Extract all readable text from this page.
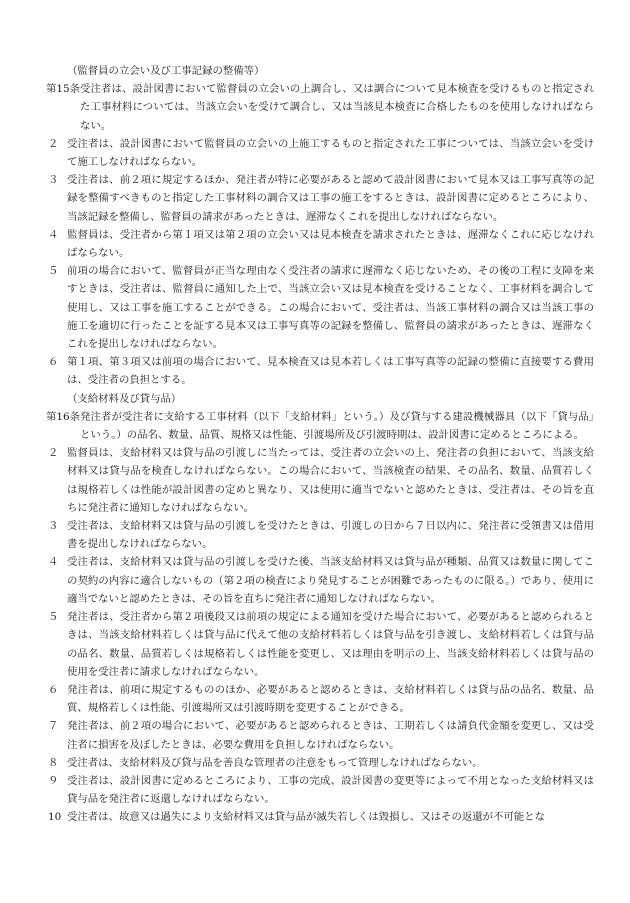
（監督員の立会い及び工事記録の整備等）
第15条 受注者は、設計図書において監督員の立会いの上調合し、又は調合について見本検査を受けるものと指定された工事材料については、当該立会いを受けて調合し、又は当該見本検査に合格したものを使用しなければならない。
２ 受注者は、設計図書において監督員の立会いの上施工するものと指定された工事については、当該立会いを受けて施工しなければならない。
３ 受注者は、前２項に規定するほか、発注者が特に必要があると認めて設計図書において見本又は工事写真等の記録を整備すべきものと指定した工事材料の調合又は工事の施工をするときは、設計図書に定めるところにより、当該記録を整備し、監督員の請求があったときは、遅滞なくこれを提出しなければならない。
４ 監督員は、受注者から第１項又は第２項の立会い又は見本検査を請求されたときは、遅滞なくこれに応じなければならない。
５ 前項の場合において、監督員が正当な理由なく受注者の請求に遅滞なく応じないため、その後の工程に支障を来すときは、受注者は、監督員に通知した上で、当該立会い又は見本検査を受けることなく、工事材料を調合して使用し、又は工事を施工することができる。この場合において、受注者は、当該工事材料の調合又は当該工事の施工を適切に行ったことを証する見本又は工事写真等の記録を整備し、監督員の請求があったときは、遅滞なくこれを提出しなければならない。
６ 第１項、第３項又は前項の場合において、見本検査又は見本若しくは工事写真等の記録の整備に直接要する費用は、受注者の負担とする。
（支給材料及び貸与品）
第16条 発注者が受注者に支給する工事材料（以下「支給材料」という。）及び貸与する建設機械器具（以下「貸与品」という。）の品名、数量、品質、規格又は性能、引渡場所及び引渡時期は、設計図書に定めるところによる。
２ 監督員は、支給材料又は貸与品の引渡しに当たっては、受注者の立会いの上、発注者の負担において、当該支給材料又は貸与品を検査しなければならない。この場合において、当該検査の結果、その品名、数量、品質若しくは規格若しくは性能が設計図書の定めと異なり、又は使用に適当でないと認めたときは、受注者は、その旨を直ちに発注者に通知しなければならない。
３ 受注者は、支給材料又は貸与品の引渡しを受けたときは、引渡しの日から７日以内に、発注者に受領書又は借用書を提出しなければならない。
４ 受注者は、支給材料又は貸与品の引渡しを受けた後、当該支給材料又は貸与品が種類、品質又は数量に関してこの契約の内容に適合しないもの（第２項の検査により発見することが困難であったものに限る。）であり、使用に適当でないと認めたときは、その旨を直ちに発注者に通知しなければならない。
５ 発注者は、受注者から第２項後段又は前項の規定による通知を受けた場合において、必要があると認められるときは、当該支給材料若しくは貸与品に代えて他の支給材料若しくは貸与品を引き渡し、支給材料若しくは貸与品の品名、数量、品質若しくは規格若しくは性能を変更し、又は理由を明示の上、当該支給材料若しくは貸与品の使用を受注者に請求しなければならない。
６ 発注者は、前項に規定するもののほか、必要があると認めるときは、支給材料若しくは貸与品の品名、数量、品質、規格若しくは性能、引渡場所又は引渡時期を変更することができる。
７ 発注者は、前２項の場合において、必要があると認められるときは、工期若しくは請負代金額を変更し、又は受注者に損害を及ぼしたときは、必要な費用を負担しなければならない。
８ 受注者は、支給材料及び貸与品を善良な管理者の注意をもって管理しなければならない。
９ 受注者は、設計図書に定めるところにより、工事の完成、設計図書の変更等によって不用となった支給材料又は貸与品を発注者に返還しなければならない。
10 受注者は、故意又は過失により支給材料又は貸与品が滅失若しくは毀損し、又はその返還が不可能とな
